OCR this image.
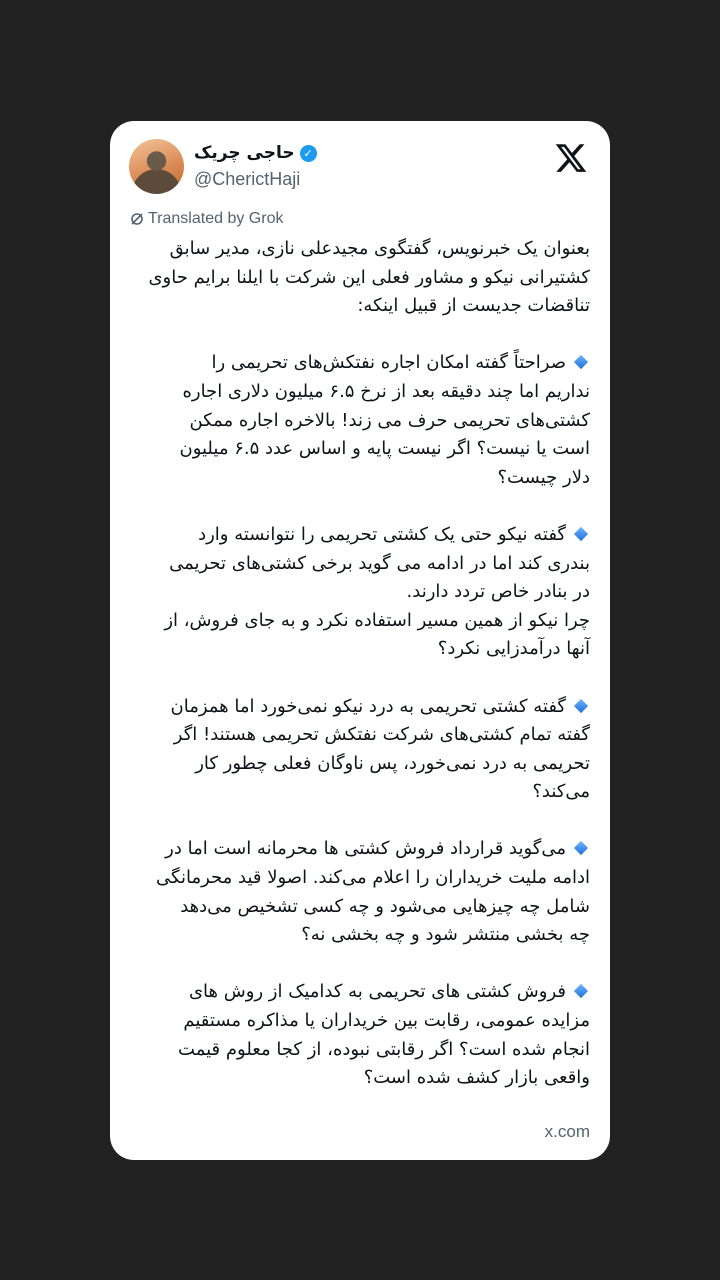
حاجی چریک ✓
@CherictHaji
Translated by Grok
بعنوان یک خبرنویس، گفتگوی مجیدعلی نازی، مدیر سابق
کشتیرانی نیکو و مشاور فعلی این شرکت با ایلنا برایم حاوی
تناقضات جدیست از قبیل اینکه:
صراحتاً گفته امکان اجاره نفتکش‌های تحریمی را
نداریم اما چند دقیقه بعد از نرخ ۶.۵ میلیون دلاری اجاره
کشتی‌های تحریمی حرف می زند! بالاخره اجاره ممکن
است یا نیست؟ اگر نیست پایه و اساس عدد ۶.۵ میلیون
دلار چیست؟
گفته نیکو حتی یک کشتی تحریمی را نتوانسته وارد
بندری کند اما در ادامه می گوید برخی کشتی‌های تحریمی
در بنادر خاص تردد دارند.
چرا نیکو از همین مسیر استفاده نکرد و به جای فروش، از
آنها درآمدزایی نکرد؟
گفته کشتی تحریمی به درد نیکو نمی‌خورد اما همزمان
گفته تمام کشتی‌های شرکت نفتکش تحریمی هستند! اگر
تحریمی به درد نمی‌خورد، پس ناوگان فعلی چطور کار
می‌کند؟
می‌گوید قرارداد فروش کشتی ها محرمانه است اما در
ادامه ملیت خریداران را اعلام می‌کند. اصولا قید محرمانگی
شامل چه چیزهایی می‌شود و چه کسی تشخیص می‌دهد
چه بخشی منتشر شود و چه بخشی نه؟
فروش کشتی های تحریمی به کدامیک از روش های
مزایده عمومی، رقابت بین خریداران یا مذاکره مستقیم
انجام شده است؟ اگر رقابتی نبوده، از کجا معلوم قیمت
واقعی بازار کشف شده است؟
x.com
